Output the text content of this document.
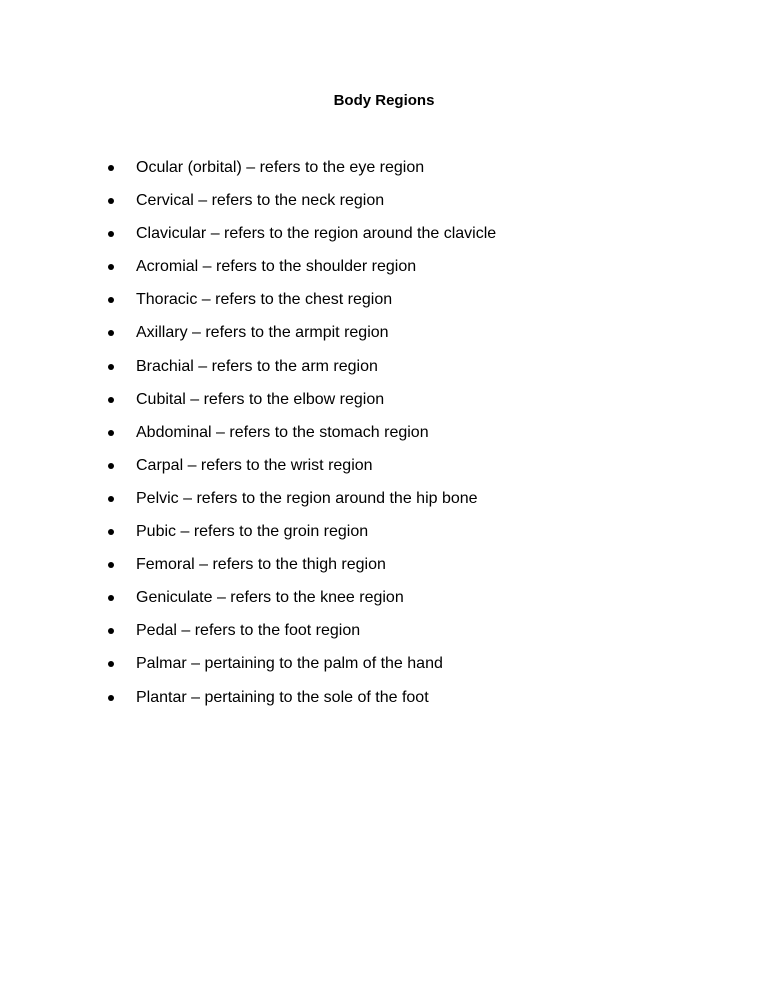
Body Regions
Ocular (orbital) – refers to the eye region
Cervical – refers to the neck region
Clavicular – refers to the region around the clavicle
Acromial – refers to the shoulder region
Thoracic – refers to the chest region
Axillary – refers to the armpit region
Brachial – refers to the arm region
Cubital – refers to the elbow region
Abdominal – refers to the stomach region
Carpal – refers to the wrist region
Pelvic – refers to the region around the hip bone
Pubic – refers to the groin region
Femoral – refers to the thigh region
Geniculate – refers to the knee region
Pedal – refers to the foot region
Palmar – pertaining to the palm of the hand
Plantar – pertaining to the sole of the foot
